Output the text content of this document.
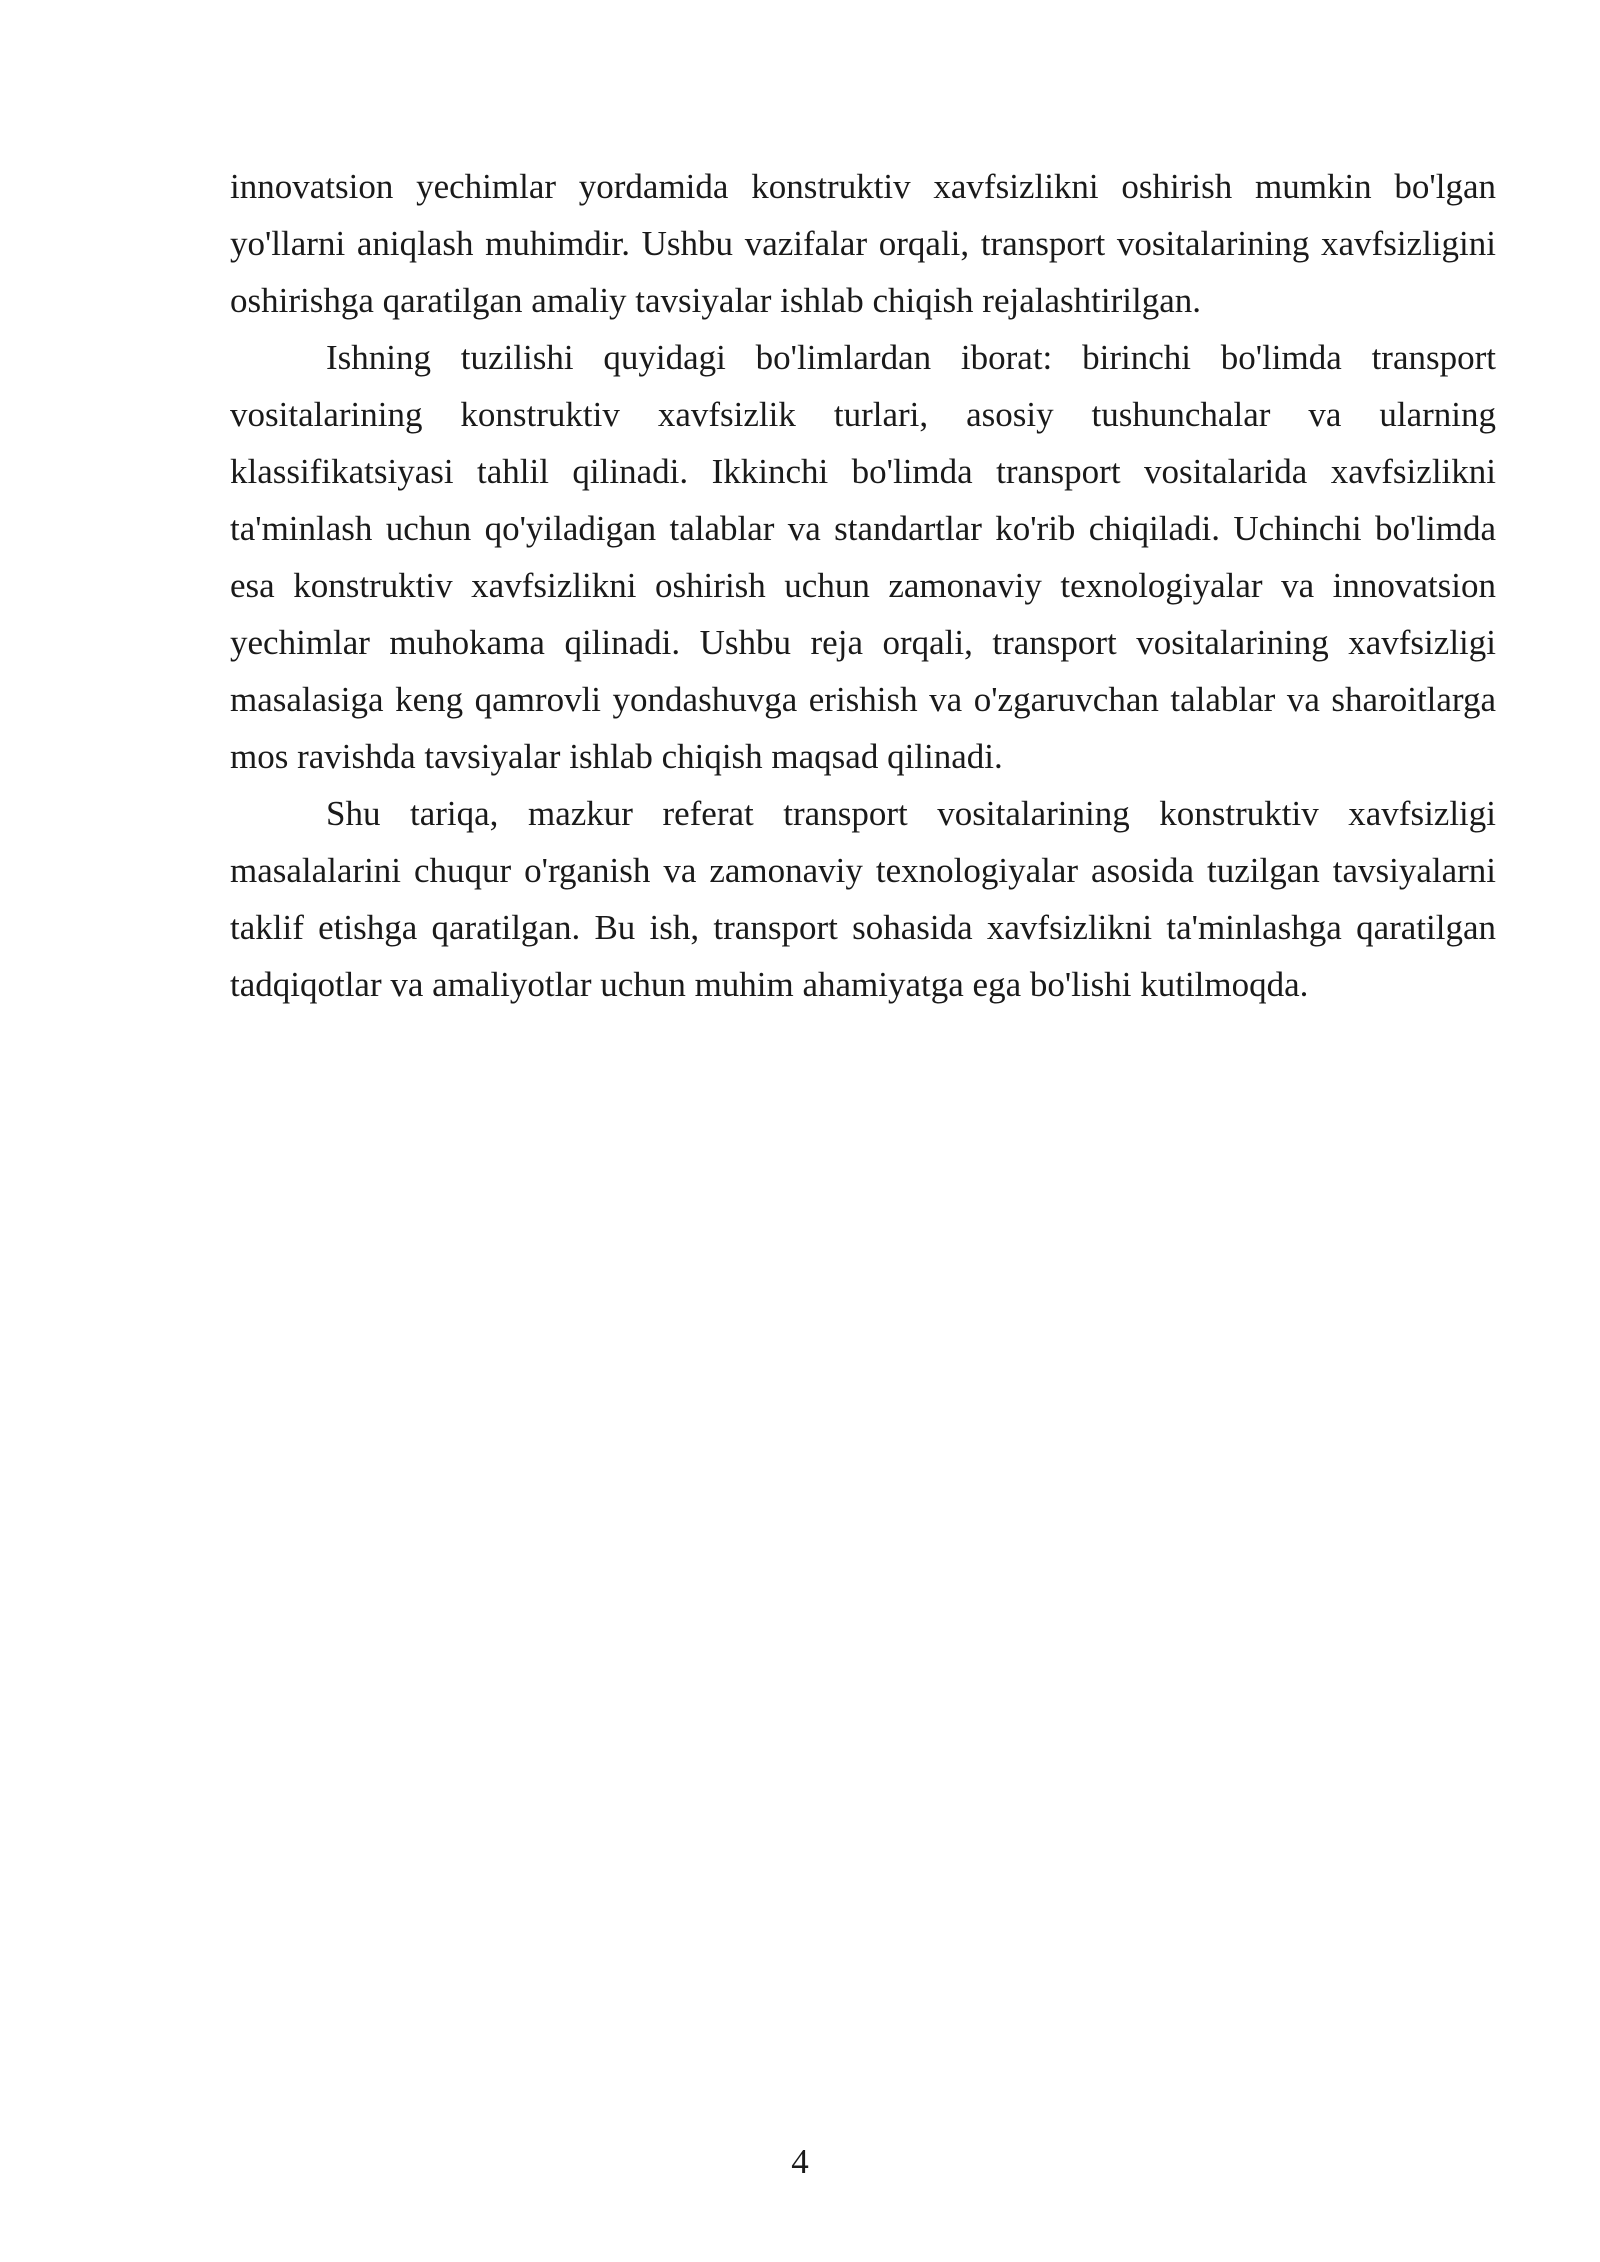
innovatsion yechimlar yordamida konstruktiv xavfsizlikni oshirish mumkin bo'lgan yo'llarni aniqlash muhimdir. Ushbu vazifalar orqali, transport vositalarining xavfsizligini oshirishga qaratilgan amaliy tavsiyalar ishlab chiqish rejalashtirilgan.

Ishning tuzilishi quyidagi bo'limlardan iborat: birinchi bo'limda transport vositalarining konstruktiv xavfsizlik turlari, asosiy tushunchalar va ularning klassifikatsiyasi tahlil qilinadi. Ikkinchi bo'limda transport vositalarida xavfsizlikni ta'minlash uchun qo'yiladigan talablar va standartlar ko'rib chiqiladi. Uchinchi bo'limda esa konstruktiv xavfsizlikni oshirish uchun zamonaviy texnologiyalar va innovatsion yechimlar muhokama qilinadi. Ushbu reja orqali, transport vositalarining xavfsizligi masalasiga keng qamrovli yondashuvga erishish va o'zgaruvchan talablar va sharoitlarga mos ravishda tavsiyalar ishlab chiqish maqsad qilinadi.

Shu tariqa, mazkur referat transport vositalarining konstruktiv xavfsizligi masalalarini chuqur o'rganish va zamonaviy texnologiyalar asosida tuzilgan tavsiyalarni taklif etishga qaratilgan. Bu ish, transport sohasida xavfsizlikni ta'minlashga qaratilgan tadqiqotlar va amaliyotlar uchun muhim ahamiyatga ega bo'lishi kutilmoqda.

4
